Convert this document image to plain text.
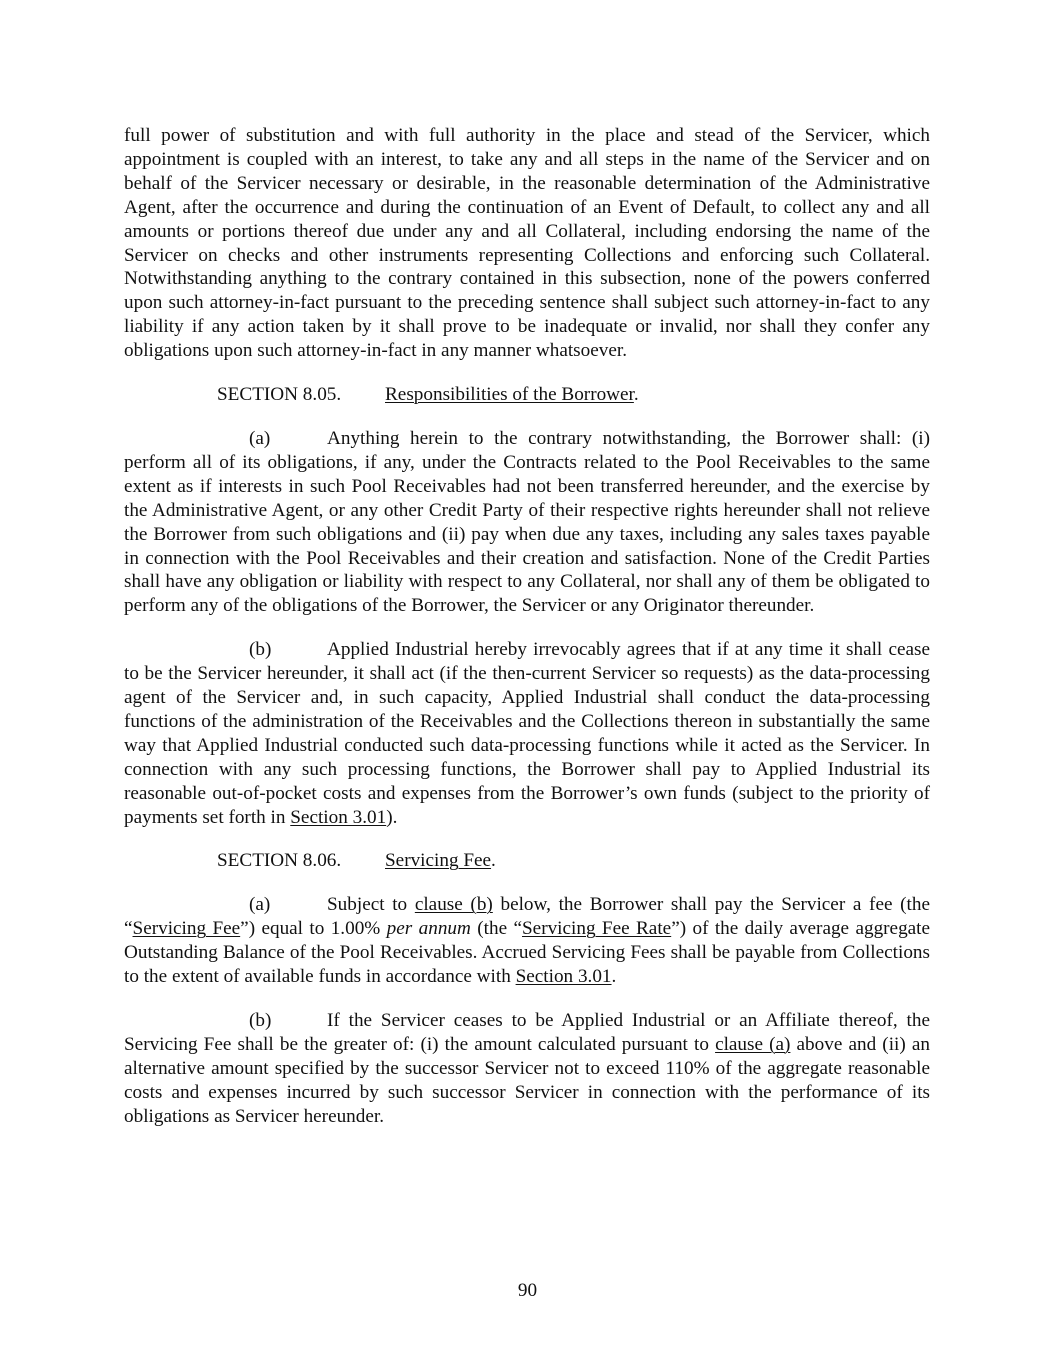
full power of substitution and with full authority in the place and stead of the Servicer, which appointment is coupled with an interest, to take any and all steps in the name of the Servicer and on behalf of the Servicer necessary or desirable, in the reasonable determination of the Administrative Agent, after the occurrence and during the continuation of an Event of Default, to collect any and all amounts or portions thereof due under any and all Collateral, including endorsing the name of the Servicer on checks and other instruments representing Collections and enforcing such Collateral. Notwithstanding anything to the contrary contained in this subsection, none of the powers conferred upon such attorney-in-fact pursuant to the preceding sentence shall subject such attorney-in-fact to any liability if any action taken by it shall prove to be inadequate or invalid, nor shall they confer any obligations upon such attorney-in-fact in any manner whatsoever.

SECTION 8.05. Responsibilities of the Borrower.

(a)	Anything herein to the contrary notwithstanding, the Borrower shall: (i) perform all of its obligations, if any, under the Contracts related to the Pool Receivables to the same extent as if interests in such Pool Receivables had not been transferred hereunder, and the exercise by the Administrative Agent, or any other Credit Party of their respective rights hereunder shall not relieve the Borrower from such obligations and (ii) pay when due any taxes, including any sales taxes payable in connection with the Pool Receivables and their creation and satisfaction. None of the Credit Parties shall have any obligation or liability with respect to any Collateral, nor shall any of them be obligated to perform any of the obligations of the Borrower, the Servicer or any Originator thereunder.

(b)	Applied Industrial hereby irrevocably agrees that if at any time it shall cease to be the Servicer hereunder, it shall act (if the then-current Servicer so requests) as the data-processing agent of the Servicer and, in such capacity, Applied Industrial shall conduct the data-processing functions of the administration of the Receivables and the Collections thereon in substantially the same way that Applied Industrial conducted such data-processing functions while it acted as the Servicer. In connection with any such processing functions, the Borrower shall pay to Applied Industrial its reasonable out-of-pocket costs and expenses from the Borrower’s own funds (subject to the priority of payments set forth in Section 3.01).

SECTION 8.06. Servicing Fee.

(a)	Subject to clause (b) below, the Borrower shall pay the Servicer a fee (the “Servicing Fee”) equal to 1.00% per annum (the “Servicing Fee Rate”) of the daily average aggregate Outstanding Balance of the Pool Receivables. Accrued Servicing Fees shall be payable from Collections to the extent of available funds in accordance with Section 3.01.

(b)	If the Servicer ceases to be Applied Industrial or an Affiliate thereof, the Servicing Fee shall be the greater of: (i) the amount calculated pursuant to clause (a) above and (ii) an alternative amount specified by the successor Servicer not to exceed 110% of the aggregate reasonable costs and expenses incurred by such successor Servicer in connection with the performance of its obligations as Servicer hereunder.

90
